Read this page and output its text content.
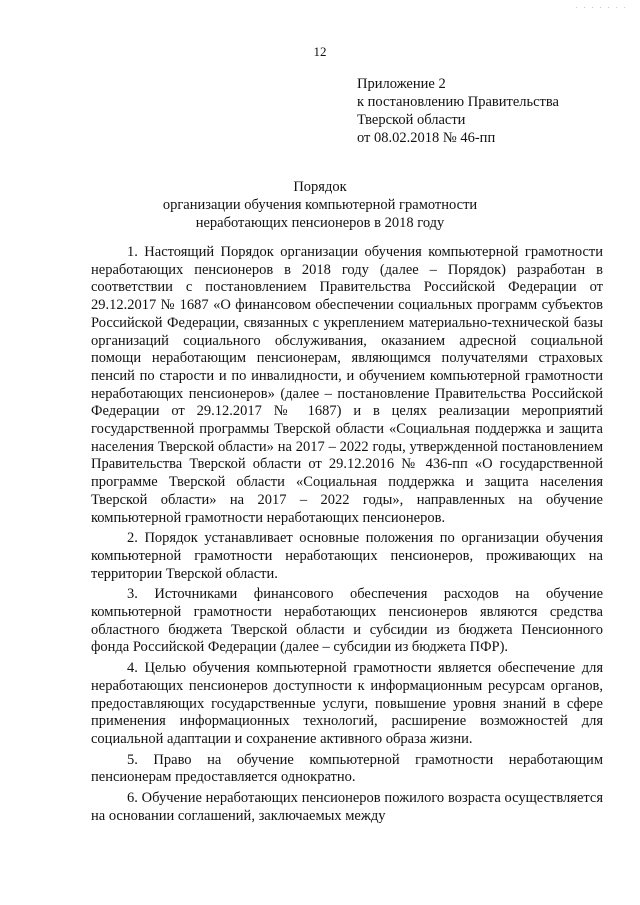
· · · · · · ·
12
Приложение 2
к постановлению Правительства
Тверской области
от 08.02.2018 № 46-пп
Порядок
организации обучения компьютерной грамотности
неработающих пенсионеров в 2018 году

1. Настоящий Порядок организации обучения компьютерной грамотности неработающих пенсионеров в 2018 году (далее – Порядок) разработан в соответствии с постановлением Правительства Российской Федерации от 29.12.2017 № 1687 «О финансовом обеспечении социальных программ субъектов Российской Федерации, связанных с укреплением материально-технической базы организаций социального обслуживания, оказанием адресной социальной помощи неработающим пенсионерам, являющимся получателями страховых пенсий по старости и по инвалидности, и обучением компьютерной грамотности неработающих пенсионеров» (далее – постановление Правительства Российской Федерации от 29.12.2017 № 1687) и в целях реализации мероприятий государственной программы Тверской области «Социальная поддержка и защита населения Тверской области» на 2017 – 2022 годы, утвержденной постановлением Правительства Тверской области от 29.12.2016 № 436-пп «О государственной программе Тверской области «Социальная поддержка и защита населения Тверской области» на 2017 – 2022 годы», направленных на обучение компьютерной грамотности неработающих пенсионеров.

2. Порядок устанавливает основные положения по организации обучения компьютерной грамотности неработающих пенсионеров, проживающих на территории Тверской области.

3. Источниками финансового обеспечения расходов на обучение компьютерной грамотности неработающих пенсионеров являются средства областного бюджета Тверской области и субсидии из бюджета Пенсионного фонда Российской Федерации (далее – субсидии из бюджета ПФР).

4. Целью обучения компьютерной грамотности является обеспечение для неработающих пенсионеров доступности к информационным ресурсам органов, предоставляющих государственные услуги, повышение уровня знаний в сфере применения информационных технологий, расширение возможностей для социальной адаптации и сохранение активного образа жизни.

5. Право на обучение компьютерной грамотности неработающим пенсионерам предоставляется однократно.

6. Обучение неработающих пенсионеров пожилого возраста осуществляется на основании соглашений, заключаемых между
